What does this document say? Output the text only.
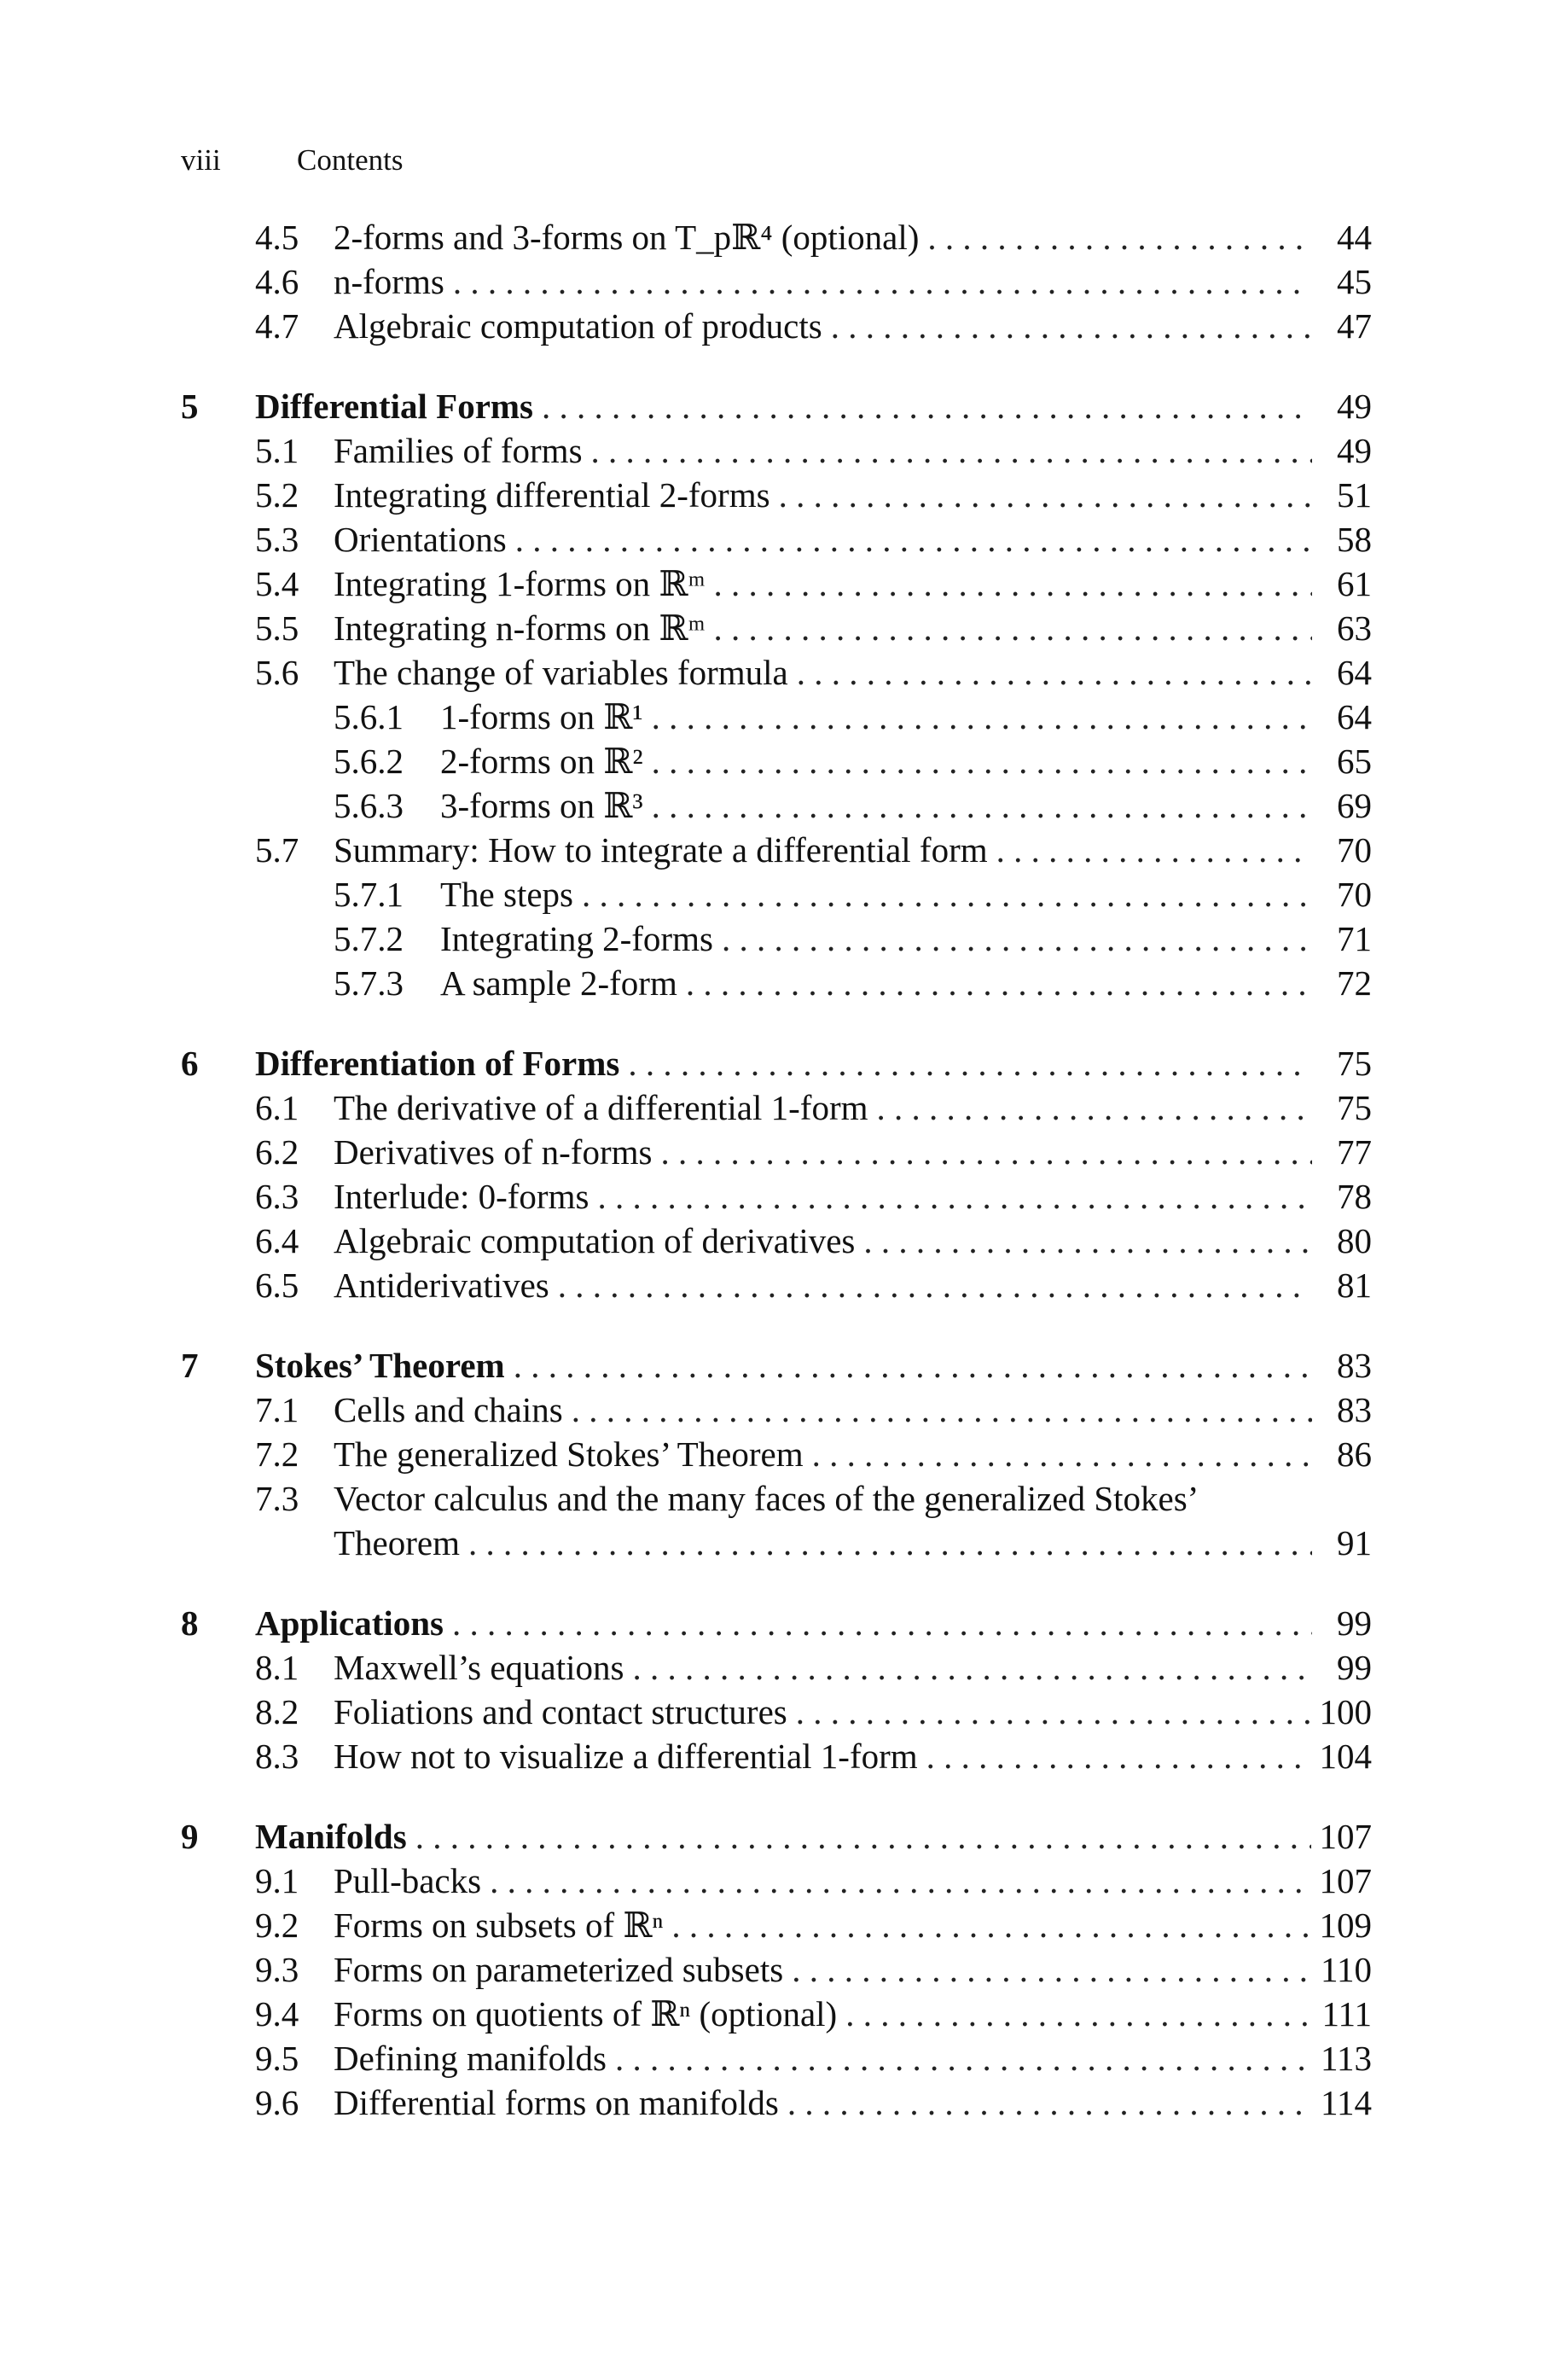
viii	Contents
4.5 2-forms and 3-forms on T_pℝ⁴ (optional) . . .	44
4.6 n-forms . . .	45
4.7 Algebraic computation of products . . .	47
5	Differential Forms . . .	49
5.1 Families of forms . . .	49
5.2 Integrating differential 2-forms . . .	51
5.3 Orientations . . .	58
5.4 Integrating 1-forms on ℝᵐ . . .	61
5.5 Integrating n-forms on ℝᵐ . . .	63
5.6 The change of variables formula . . .	64
5.6.1	1-forms on ℝ¹ . . .	64
5.6.2	2-forms on ℝ² . . .	65
5.6.3	3-forms on ℝ³ . . .	69
5.7 Summary: How to integrate a differential form . . .	70
5.7.1	The steps . . .	70
5.7.2	Integrating 2-forms . . .	71
5.7.3	A sample 2-form . . .	72
6	Differentiation of Forms . . .	75
6.1 The derivative of a differential 1-form . . .	75
6.2 Derivatives of n-forms . . .	77
6.3 Interlude: 0-forms . . .	78
6.4 Algebraic computation of derivatives . . .	80
6.5 Antiderivatives . . .	81
7	Stokes’ Theorem . . .	83
7.1 Cells and chains . . .	83
7.2 The generalized Stokes’ Theorem . . .	86
7.3 Vector calculus and the many faces of the generalized Stokes’
Theorem . . .	91
8	Applications . . .	99
8.1 Maxwell’s equations . . .	99
8.2 Foliations and contact structures . . .	100
8.3 How not to visualize a differential 1-form . . .	104
9	Manifolds . . .	107
9.1 Pull-backs . . .	107
9.2 Forms on subsets of ℝⁿ . . .	109
9.3 Forms on parameterized subsets . . .	110
9.4 Forms on quotients of ℝⁿ (optional) . . .	111
9.5 Defining manifolds . . .	113
9.6 Differential forms on manifolds . . .	114
